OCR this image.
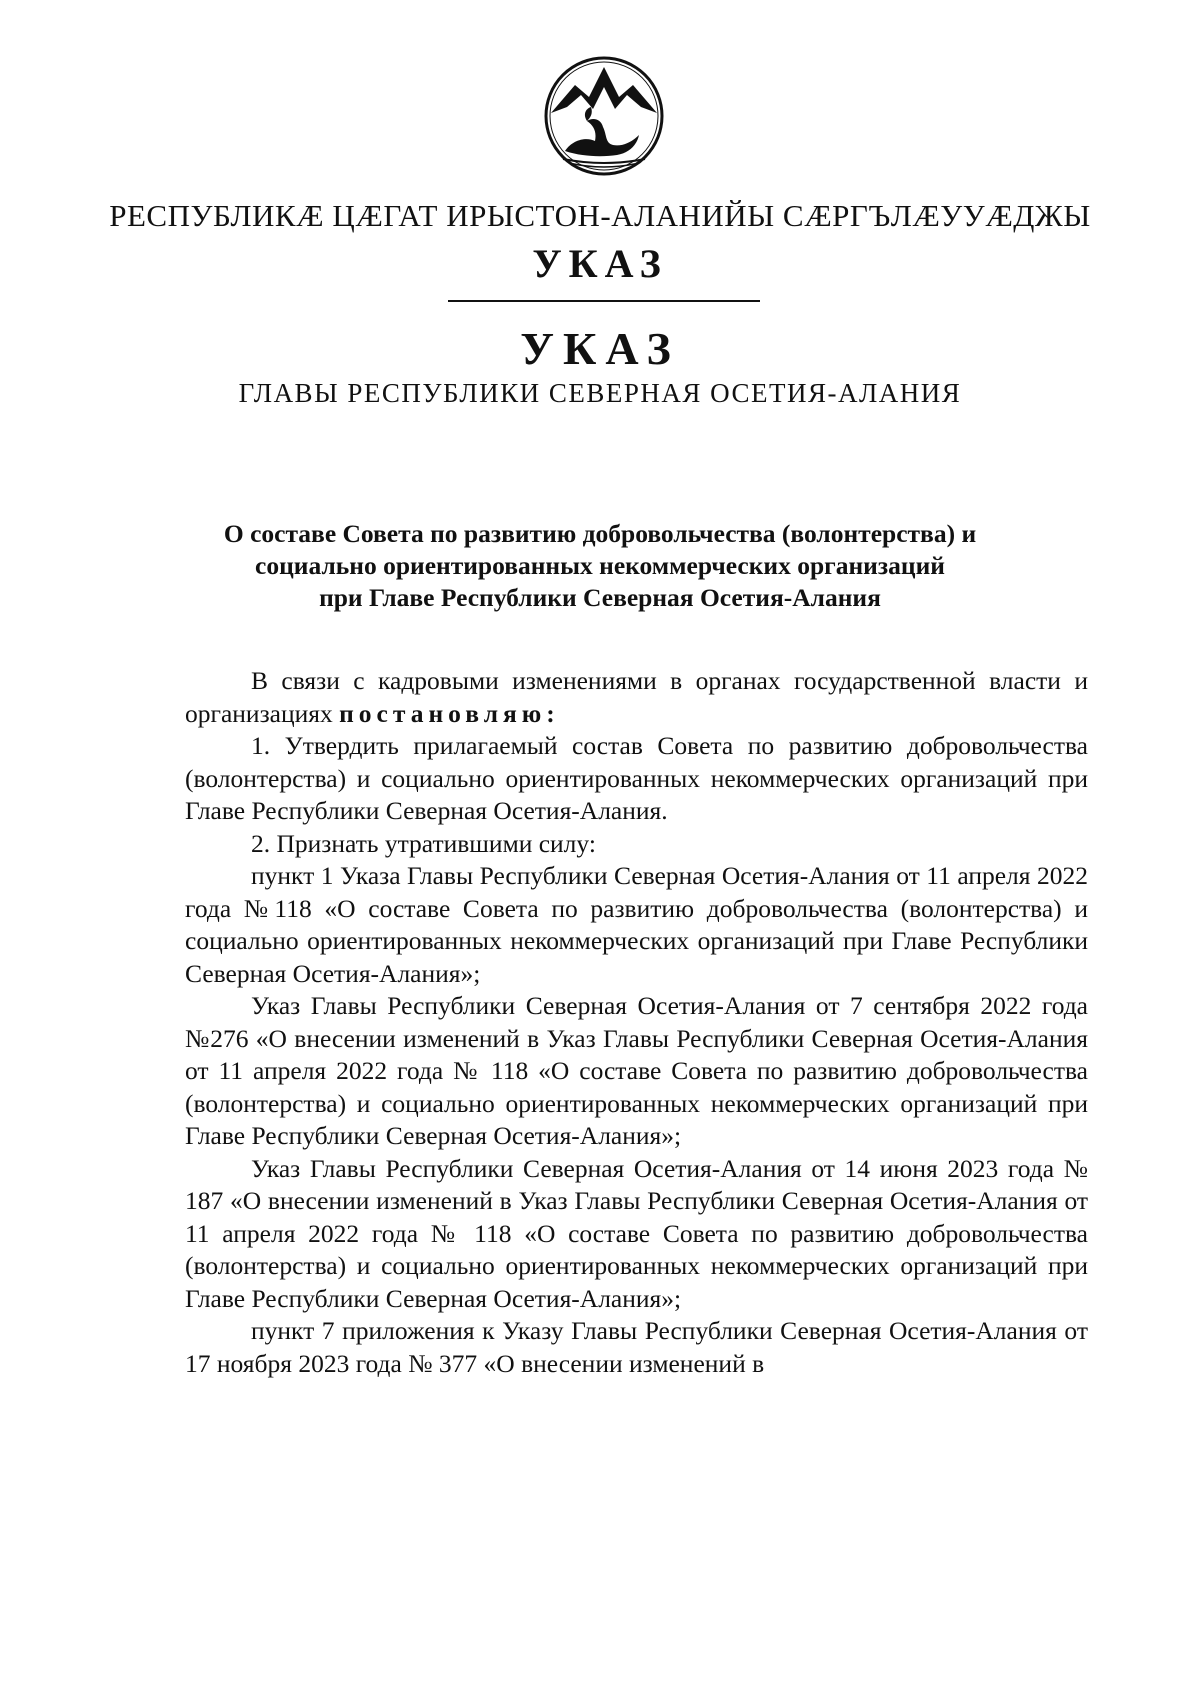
РЕСПУБЛИКӔ ЦӔГАТ ИРЫСТОН-АЛАНИЙЫ СӔРГЪЛӔУУӔДЖЫ
УКАЗ
УКАЗ
ГЛАВЫ РЕСПУБЛИКИ СЕВЕРНАЯ ОСЕТИЯ-АЛАНИЯ
О составе Совета по развитию добровольчества (волонтерства) и
социально ориентированных некоммерческих организаций
при Главе Республики Северная Осетия-Алания

В связи с кадровыми изменениями в органах государственной власти и организациях постановляю:

1. Утвердить прилагаемый состав Совета по развитию добровольчества (волонтерства) и социально ориентированных некоммерческих организаций при Главе Республики Северная Осетия-Алания.

2. Признать утратившими силу:

пункт 1 Указа Главы Республики Северная Осетия-Алания от 11 апреля 2022 года №118 «О составе Совета по развитию добровольчества (волонтерства) и социально ориентированных некоммерческих организаций при Главе Республики Северная Осетия-Алания»;

Указ Главы Республики Северная Осетия-Алания от 7 сентября 2022 года №276 «О внесении изменений в Указ Главы Республики Северная Осетия-Алания от 11 апреля 2022 года № 118 «О составе Совета по развитию добровольчества (волонтерства) и социально ориентированных некоммерческих организаций при Главе Республики Северная Осетия-Алания»;

Указ Главы Республики Северная Осетия-Алания от 14 июня 2023 года № 187 «О внесении изменений в Указ Главы Республики Северная Осетия-Алания от 11 апреля 2022 года № 118 «О составе Совета по развитию добровольчества (волонтерства) и социально ориентированных некоммерческих организаций при Главе Республики Северная Осетия-Алания»;

пункт 7 приложения к Указу Главы Республики Северная Осетия-Алания от 17 ноября 2023 года № 377 «О внесении изменений в
